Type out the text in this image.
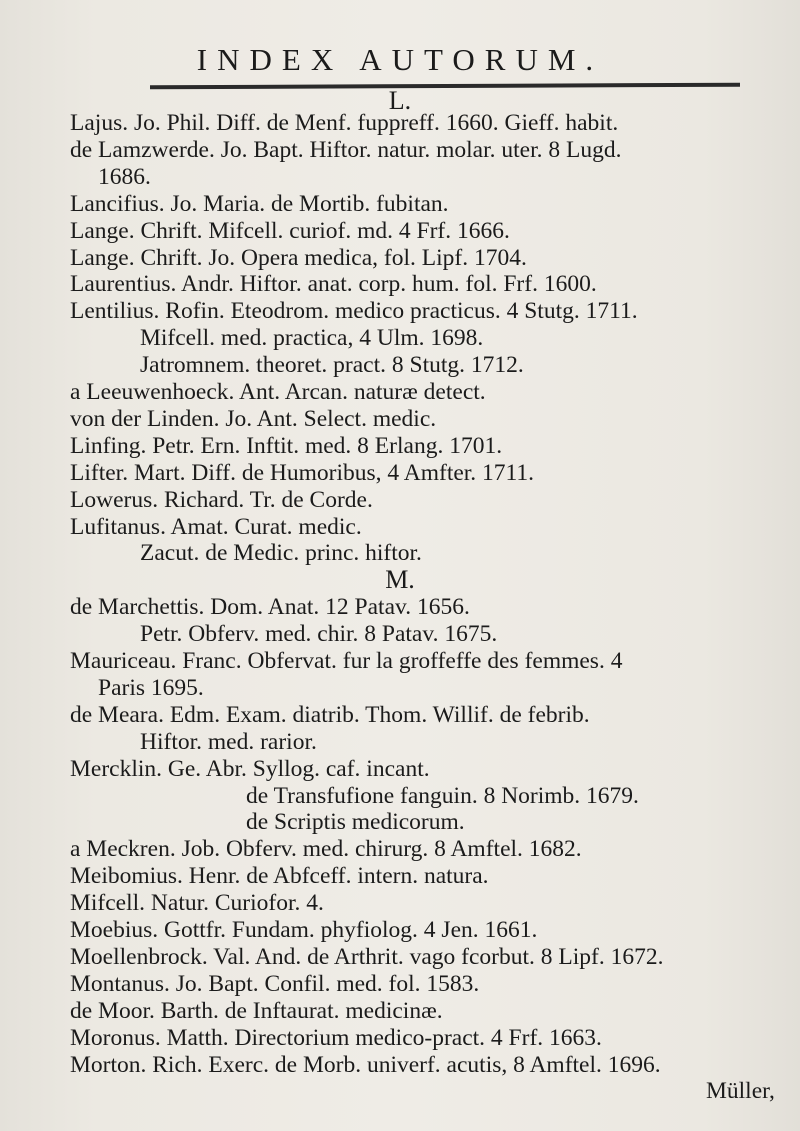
INDEX AUTORUM.
Lajus. Jo. Phil. Diff. de Menf. fuppreff. 1660. Gieff. habit.
de Lamzwerde. Jo. Bapt. Hiftor. natur. molar. uter. 8 Lugd.
1686.
Lancifius. Jo. Maria. de Mortib. fubitan.
Lange. Chrift. Mifcell. curiof. md. 4 Frf. 1666.
Lange. Chrift. Jo. Opera medica, fol. Lipf. 1704.
Laurentius. Andr. Hiftor. anat. corp. hum. fol. Frf. 1600.
Lentilius. Rofin. Eteodrom. medico practicus. 4 Stutg. 1711.
Mifcell. med. practica, 4 Ulm. 1698.
Jatromnem. theoret. pract. 8 Stutg. 1712.
a Leeuwenhoeck. Ant. Arcan. naturæ detect.
von der Linden. Jo. Ant. Select. medic.
Linfing. Petr. Ern. Inftit. med. 8 Erlang. 1701.
Lifter. Mart. Diff. de Humoribus, 4 Amfter. 1711.
Lowerus. Richard. Tr. de Corde.
Lufitanus. Amat. Curat. medic.
Zacut. de Medic. princ. hiftor.
de Marchettis. Dom. Anat. 12 Patav. 1656.
Petr. Obferv. med. chir. 8 Patav. 1675.
Mauriceau. Franc. Obfervat. fur la groffeffe des femmes. 4
Paris 1695.
de Meara. Edm. Exam. diatrib. Thom. Willif. de febrib.
Hiftor. med. rarior.
Mercklin. Ge. Abr. Syllog. caf. incant.
de Transfufione fanguin. 8 Norimb. 1679.
de Scriptis medicorum.
a Meckren. Job. Obferv. med. chirurg. 8 Amftel. 1682.
Meibomius. Henr. de Abfceff. intern. natura.
Mifcell. Natur. Curiofor. 4.
Moebius. Gottfr. Fundam. phyfiolog. 4 Jen. 1661.
Moellenbrock. Val. And. de Arthrit. vago fcorbut. 8 Lipf. 1672.
Montanus. Jo. Bapt. Confil. med. fol. 1583.
de Moor. Barth. de Inftaurat. medicinæ.
Moronus. Matth. Directorium medico-pract. 4 Frf. 1663.
Morton. Rich. Exerc. de Morb. univerf. acutis, 8 Amftel. 1696.
Müller,
L.
M.
